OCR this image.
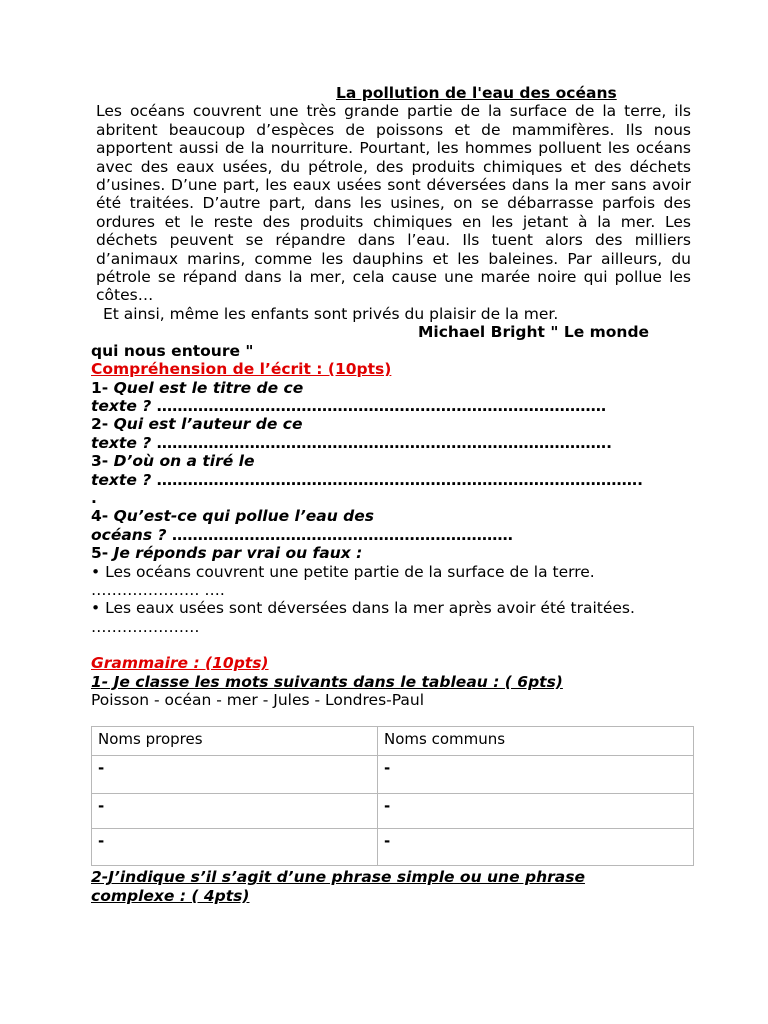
La pollution de l'eau des océans
Les océans couvrent une très grande partie de la surface de la terre, ils abritent beaucoup d’espèces de poissons et de mammifères. Ils nous apportent aussi de la nourriture. Pourtant, les hommes polluent les océans avec des eaux usées, du pétrole, des produits chimiques et des déchets d’usines. D’une part, les eaux usées sont déversées dans la mer sans avoir été traitées. D’autre part, dans les usines, on se débarrasse parfois des ordures et le reste des produits chimiques en les jetant à la mer. Les déchets peuvent se répandre dans l’eau. Ils tuent alors des milliers d’animaux marins, comme les dauphins et les baleines. Par ailleurs, du pétrole se répand dans la mer, cela cause une marée noire qui pollue les côtes…
Et ainsi, même les enfants sont privés du plaisir de la mer.
Michael Bright " Le monde
qui nous entoure "
Compréhension de l’écrit : (10pts)
1- Quel est le titre de ce
texte ? ……………………………………………………………………………
2- Qui est l’auteur de ce
texte ? …………………………………………………………………………….
3- D’où on a tiré le
texte ? ………………………………………………………………………………….
.
4- Qu’est-ce qui pollue l’eau des
océans ? …………………………………………………………
5- Je réponds par vrai ou faux :
• Les océans couvrent une petite partie de la surface de la terre.
………………… ….
• Les eaux usées sont déversées dans la mer après avoir été traitées. …………………
Grammaire : (10pts)
1- Je classe les mots suivants dans le tableau : ( 6pts)
Poisson - océan - mer - Jules - Londres-Paul
Noms propres	Noms communs
-	-
-	-
-	-
2-J’indique s’il s’agit d’une phrase simple ou une phrase
complexe : ( 4pts)
